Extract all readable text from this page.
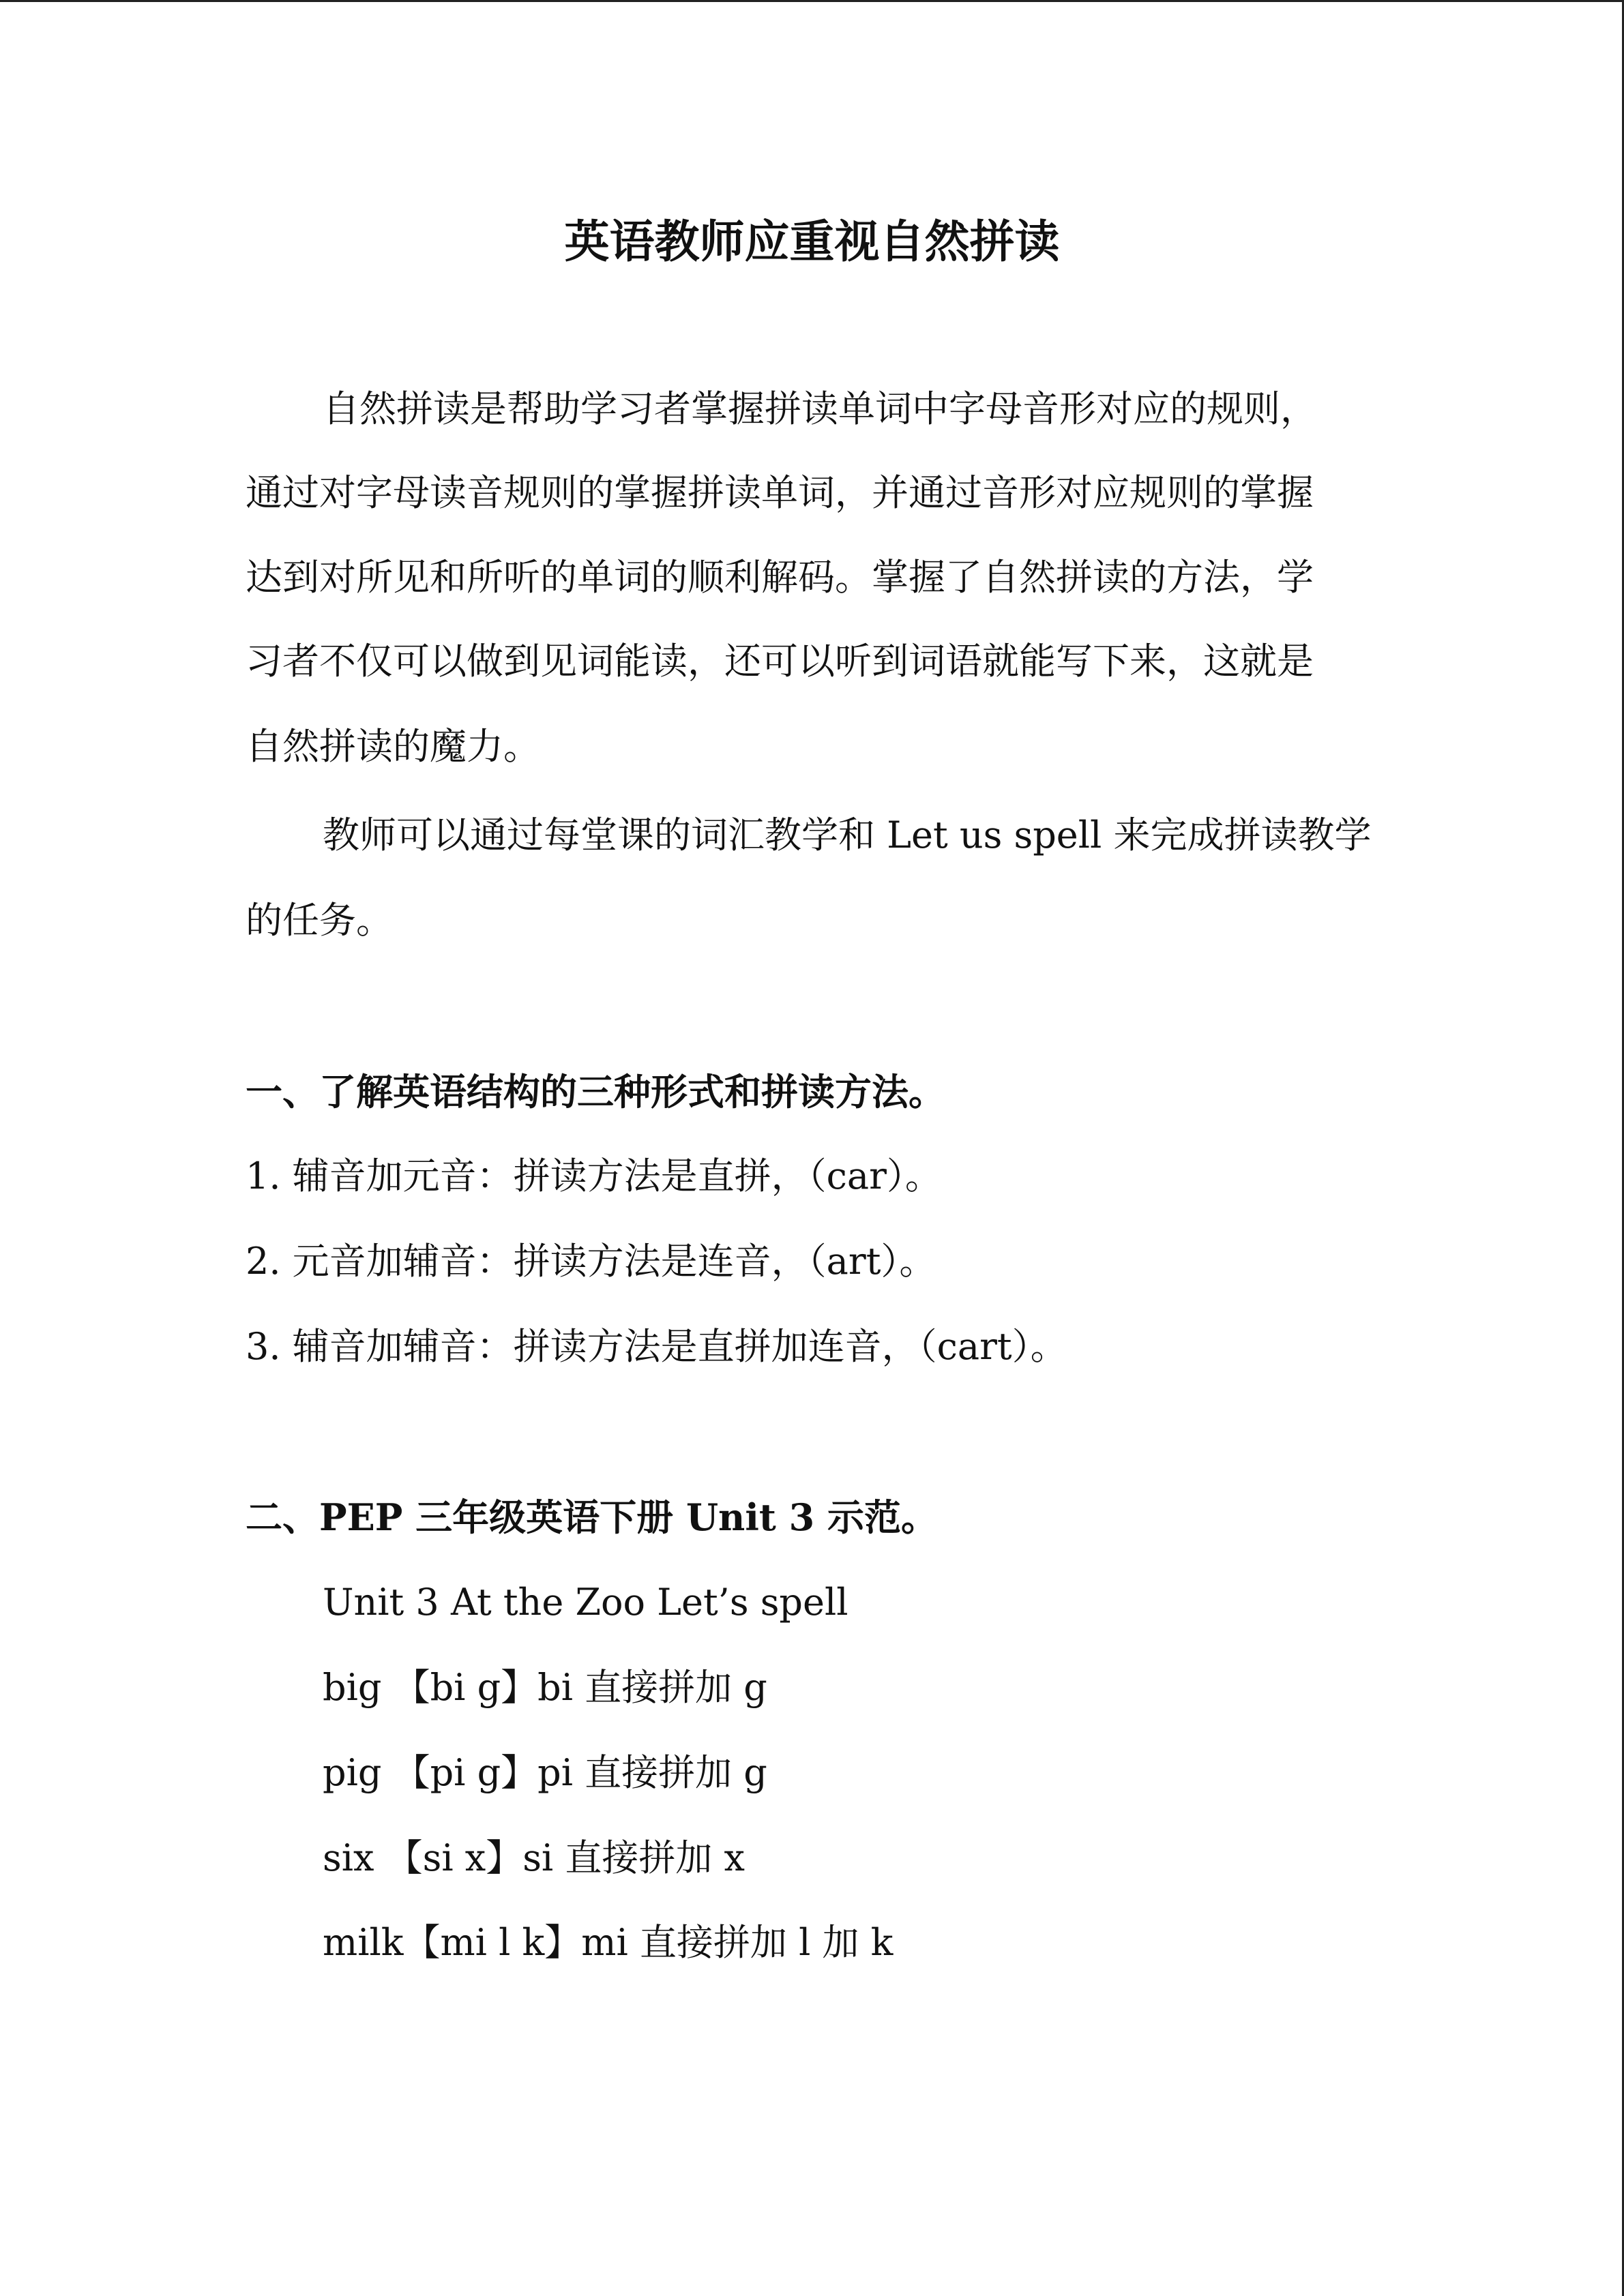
英语教师应重视自然拼读
自然拼读是帮助学习者掌握拼读单词中字母音形对应的规则，
通过对字母读音规则的掌握拼读单词，并通过音形对应规则的掌握
达到对所见和所听的单词的顺利解码。掌握了自然拼读的方法，学
习者不仅可以做到见词能读，还可以听到词语就能写下来，这就是
自然拼读的魔力。
教师可以通过每堂课的词汇教学和 Let us spell 来完成拼读教学
的任务。
一、了解英语结构的三种形式和拼读方法。
1. 辅音加元音：拼读方法是直拼，（car）。
2. 元音加辅音：拼读方法是连音，（art）。
3. 辅音加辅音：拼读方法是直拼加连音，（cart）。
二、PEP 三年级英语下册 Unit 3 示范。
Unit 3 At the Zoo Let’s spell
big 【bi g】bi 直接拼加 g
pig 【pi g】pi 直接拼加 g
six 【si x】si 直接拼加 x
milk【mi l k】mi 直接拼加 l 加 k
